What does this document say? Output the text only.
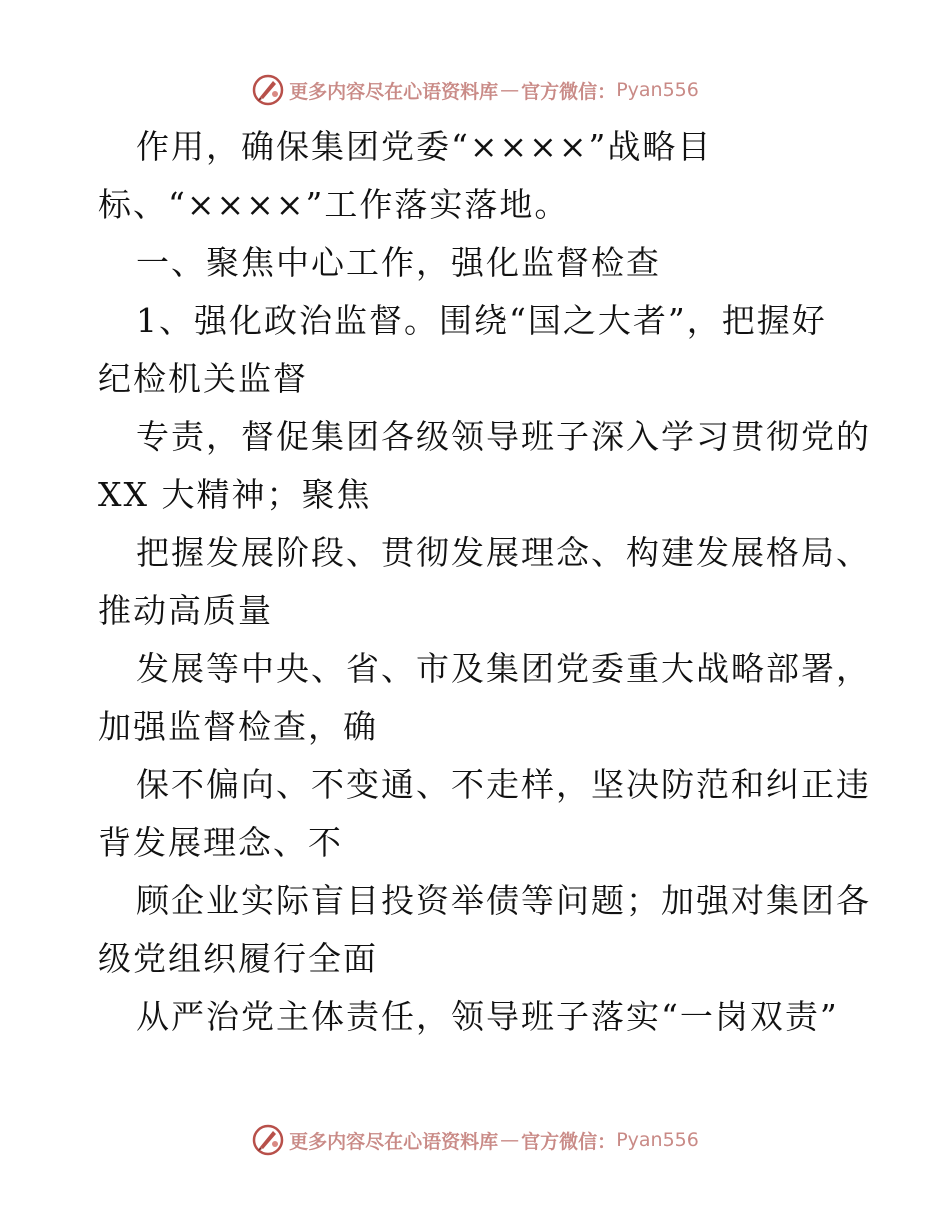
更多内容尽在心语资料库 — 官方微信： Pyan556
作用，确保集团党委“××××”战略目
标、“××××”工作落实落地。
一、聚焦中心工作，强化监督检查
1、强化政治监督。围绕“国之大者”，把握好
纪检机关监督
专责，督促集团各级领导班子深入学习贯彻党的
XX 大精神；聚焦
把握发展阶段、贯彻发展理念、构建发展格局、
推动高质量
发展等中央、省、市及集团党委重大战略部署，
加强监督检查，确
保不偏向、不变通、不走样，坚决防范和纠正违
背发展理念、不
顾企业实际盲目投资举债等问题；加强对集团各
级党组织履行全面
从严治党主体责任，领导班子落实“一岗双责”
更多内容尽在心语资料库 — 官方微信： Pyan556
